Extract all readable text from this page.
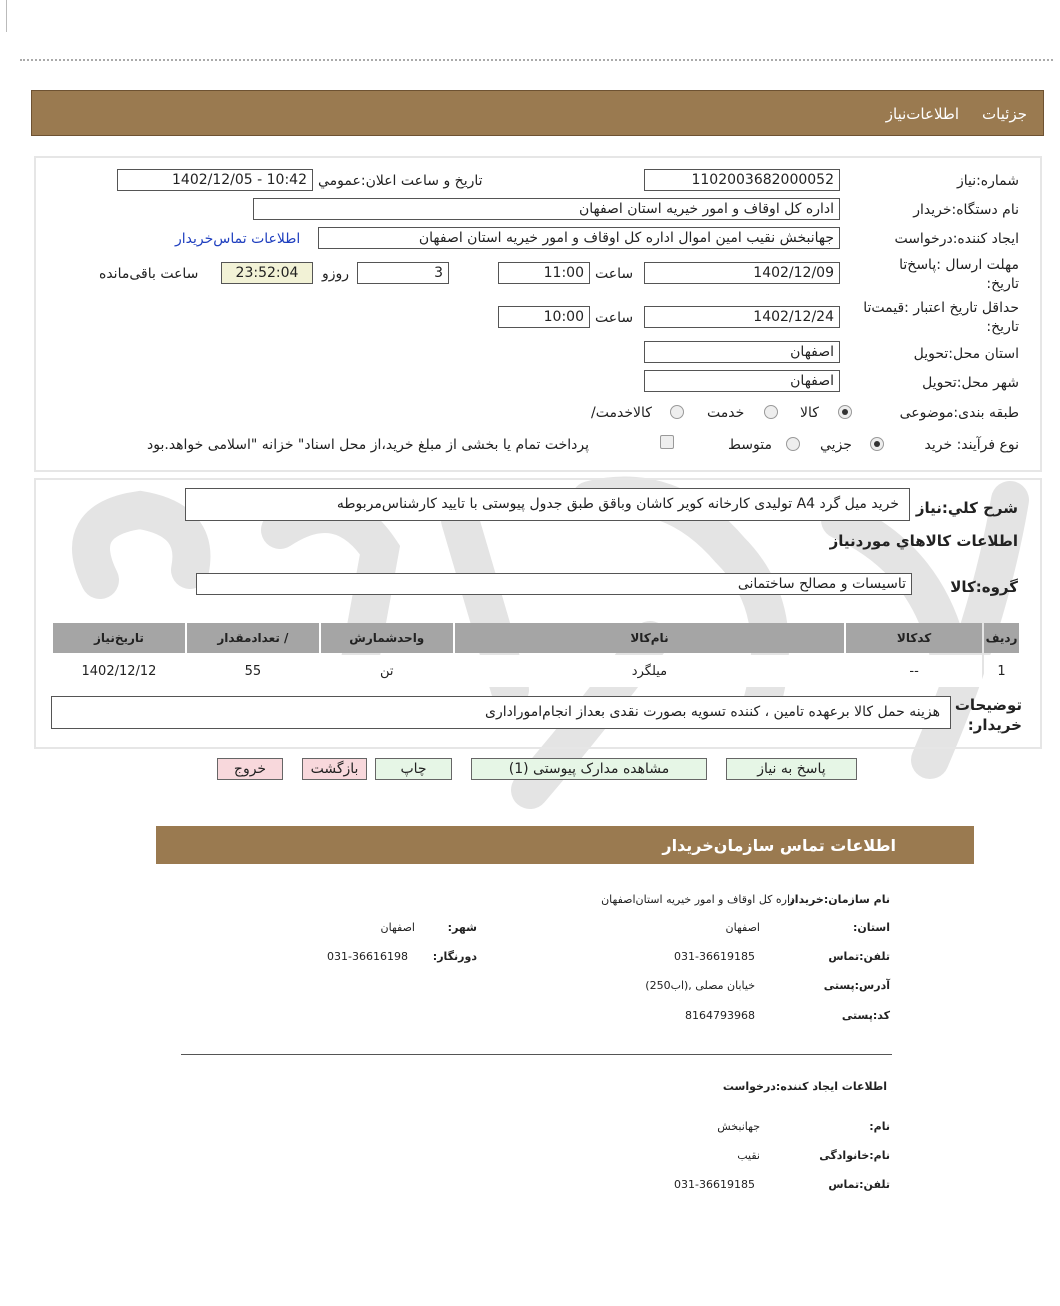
جزئیات
اطلاعات‌نیاز
شماره:نیاز
1102003682000052
تاریخ و ساعت اعلان:عمومي
1402/12/05 - 10:42
نام دستگاه:خریدار
اداره کل اوقاف و امور خیریه استان اصفهان
ایجاد کننده:درخواست
جهانبخش نقیب امین اموال اداره کل اوقاف و امور خیریه استان اصفهان
اطلاعات تماس‌خریدار
مهلت ارسال :پاسخ‌تا
:تاریخ
1402/12/09
ساعت
11:00
3
روزو
23:52:04
ساعت باقی‌مانده
حداقل تاریخ اعتبار :قیمت‌تا
:تاریخ
1402/12/24
ساعت
10:00
استان محل:تحویل
اصفهان
شهر محل:تحویل
اصفهان
طبقه بندی:موضوعی
کالا
خدمت
/کالاخدمت
نوع فرآیند: خرید
جزيي
متوسط
پرداخت تمام یا بخشی از مبلغ خرید،از محل اسناد" خزانه "اسلامی خواهد.بود
شرح کلي:نیاز
خرید میل گرد A4 تولیدی کارخانه کویر کاشان وباقق طبق جدول پیوستی با تایید کارشناس‌مربوطه
اطلاعات کالاهاي موردنیاز
گروه:کالا
تاسیسات و مصالح ساختمانی
ردیف	کدکالا	نام‌کالا	واحدشمارش	/ تعدادمقدار	تاریخ‌نیاز
1	--	میلگرد	تن	55	1402/12/12
توضیحات
:خریدار
هزینه حمل کالا برعهده تامین ، کننده تسویه بصورت نقدی بعداز انجام‌اموراداری
پاسخ به نیاز
مشاهده مدارک پیوستی (1)
چاپ
بازگشت
خروج
اطلاعات تماس سازمان‌خریدار
نام سازمان:خریدار
اداره کل اوقاف و امور خیریه استان‌اصفهان
:استان
اصفهان
:شهر
اصفهان
تلفن:تماس
031-36619185
:دورنگار
031-36616198
آدرس:پستی
خیابان مصلی ,(اب250)
کد:پستی
8164793968
اطلاعات ایجاد کننده:درخواست
:نام
جهانبخش
نام:خانوادگی
نقیب
تلفن:تماس
031-36619185
